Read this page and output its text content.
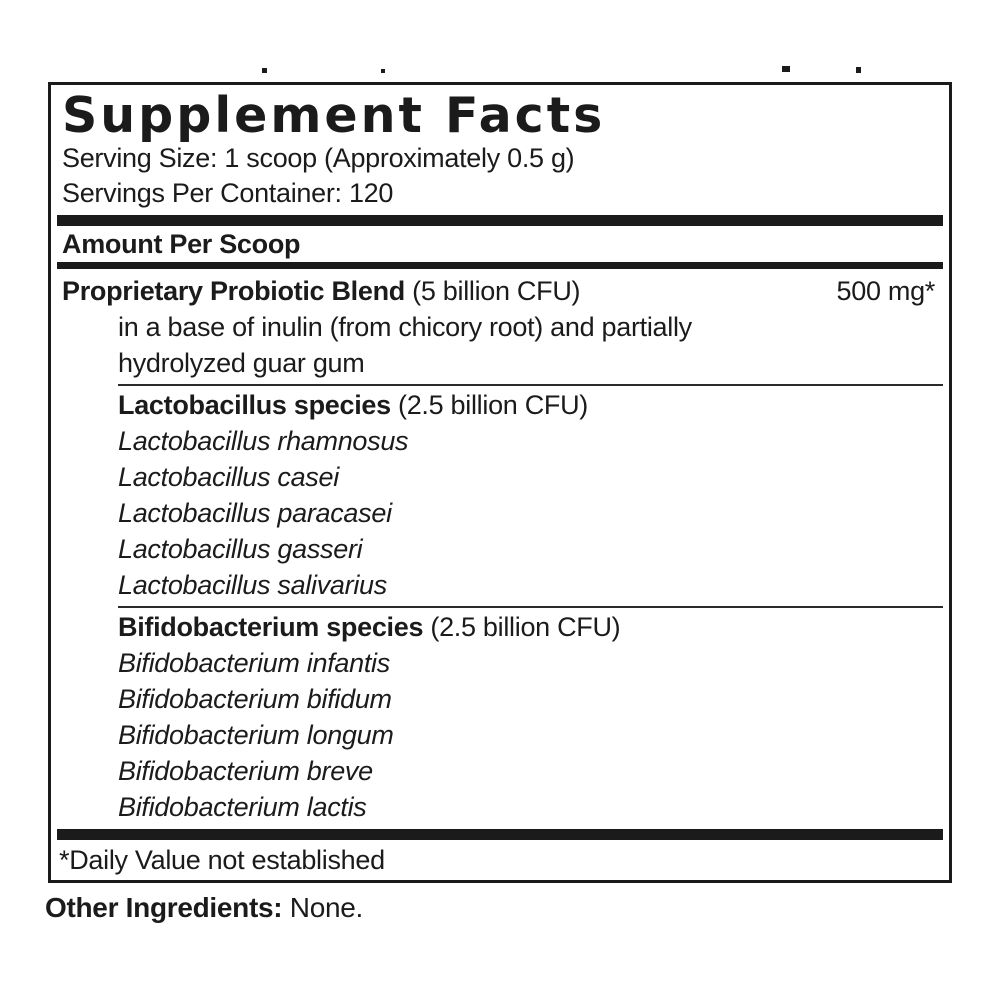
Supplement Facts
Serving Size: 1 scoop (Approximately 0.5 g)
Servings Per Container: 120
Amount Per Scoop
Proprietary Probiotic Blend (5 billion CFU)	500 mg*
in a base of inulin (from chicory root) and partially
hydrolyzed guar gum
Lactobacillus species (2.5 billion CFU)
Lactobacillus rhamnosus
Lactobacillus casei
Lactobacillus paracasei
Lactobacillus gasseri
Lactobacillus salivarius
Bifidobacterium species (2.5 billion CFU)
Bifidobacterium infantis
Bifidobacterium bifidum
Bifidobacterium longum
Bifidobacterium breve
Bifidobacterium lactis
*Daily Value not established
Other Ingredients: None.
